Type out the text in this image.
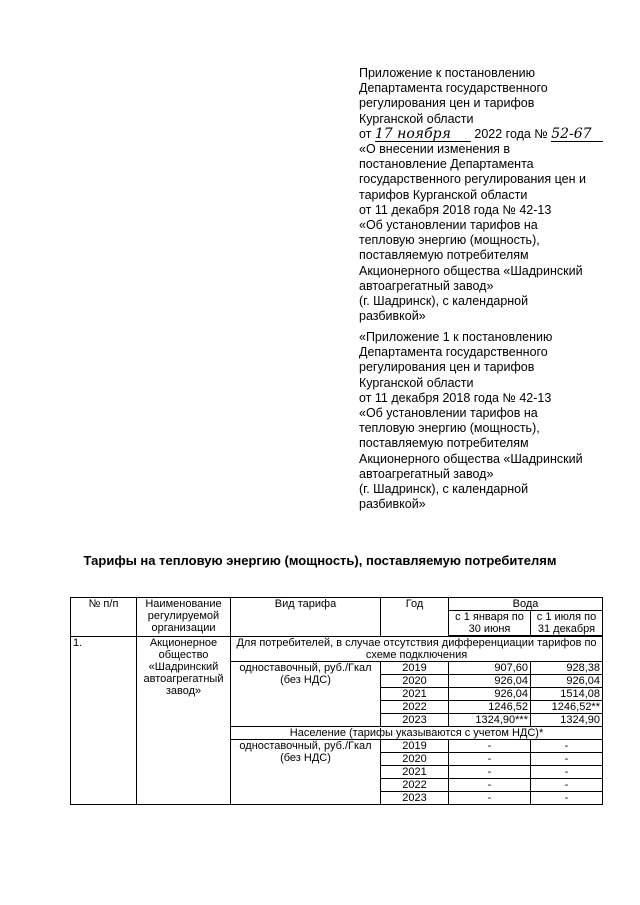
Приложение к постановлению

Департамента государственного

регулирования цен и тарифов

Курганской области

от 17 ноября 2022 года № 52-67

«О внесении изменения в

постановление Департамента

государственного регулирования цен и

тарифов Курганской области

от 11 декабря 2018 года № 42-13

«Об установлении тарифов на

тепловую энергию (мощность),

поставляемую потребителям

Акционерного общества «Шадринский

автоагрегатный завод»

(г. Шадринск), с календарной

разбивкой»

«Приложение 1 к постановлению

Департамента государственного

регулирования цен и тарифов

Курганской области

от 11 декабря 2018 года № 42-13

«Об установлении тарифов на

тепловую энергию (мощность),

поставляемую потребителям

Акционерного общества «Шадринский

автоагрегатный завод»

(г. Шадринск), с календарной

разбивкой»

Тарифы на тепловую энергию (мощность), поставляемую потребителям
№ п/п	Наименование регулируемой организации	Вид тарифа	Год	Вода	
				с 1 января по 30 июня	с 1 июля по 31 декабря

1.	Акционерное общество «Шадринский автоагрегатный завод»	Для потребителей, в случае отсутствия дифференциации тарифов по схеме подключения			
		одноставочный, руб./Гкал (без НДС)	2019	907,60	928,38
			2020	926,04	926,04
			2021	926,04	1514,08
			2022	1246,52	1246,52**
			2023	1324,90***	1324,90
		Население (тарифы указываются с учетом НДС)*			
		одноставочный, руб./Гкал (без НДС)	2019	-	-
			2020	-	-
			2021	-	-
			2022	-	-
			2023	-	-
